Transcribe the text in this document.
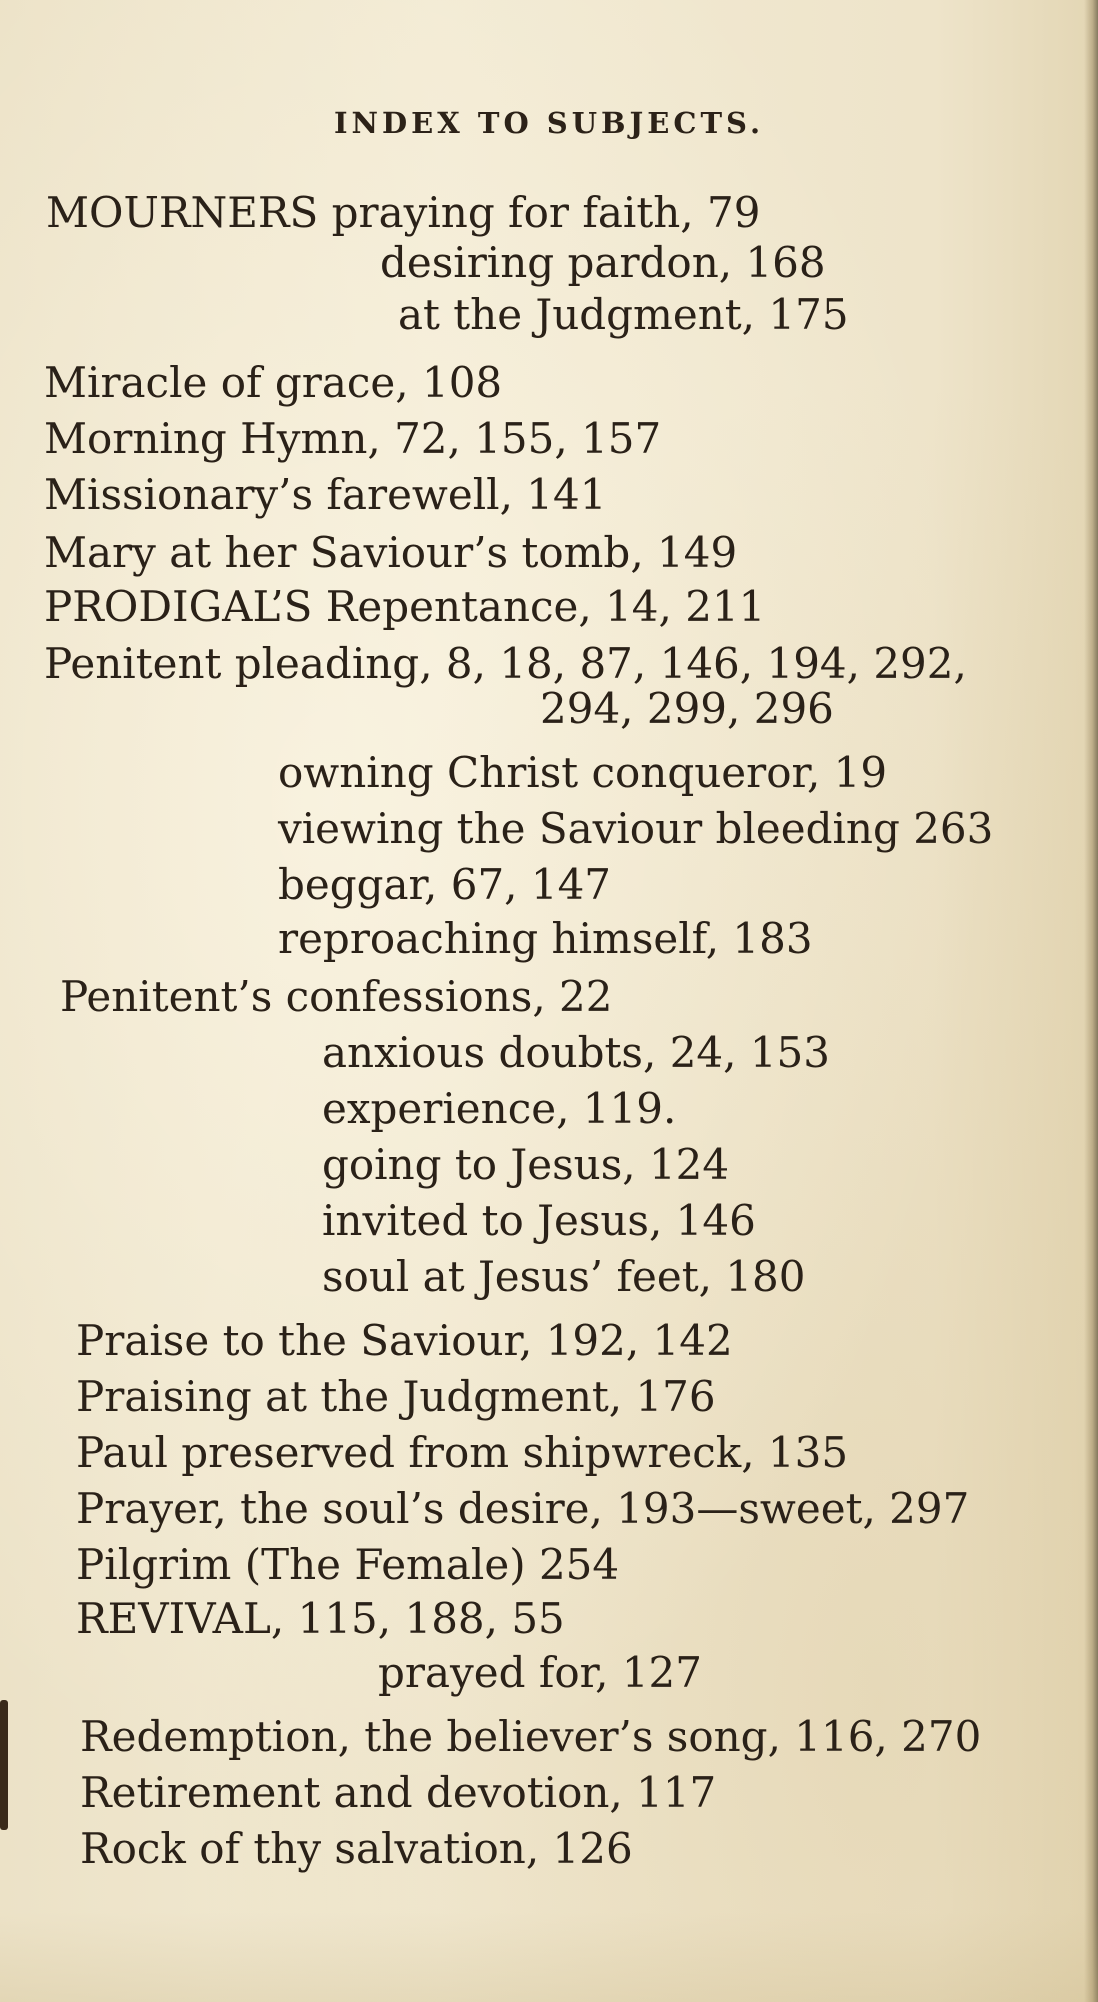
INDEX TO SUBJECTS.
MOURNERS praying for faith, 79
desiring pardon, 168
at the Judgment, 175
Miracle of grace, 108
Morning Hymn, 72, 155, 157
Missionary’s farewell, 141
Mary at her Saviour’s tomb, 149
PRODIGAL’S Repentance, 14, 211
Penitent pleading, 8, 18, 87, 146, 194, 292,
294, 299, 296
owning Christ conqueror, 19
viewing the Saviour bleeding 263
beggar, 67, 147
reproaching himself, 183
Penitent’s confessions, 22
anxious doubts, 24, 153
experience, 119.
going to Jesus, 124
invited to Jesus, 146
soul at Jesus’ feet, 180
Praise to the Saviour, 192, 142
Praising at the Judgment, 176
Paul preserved from shipwreck, 135
Prayer, the soul’s desire, 193—sweet, 297
Pilgrim (The Female) 254
REVIVAL, 115, 188, 55
prayed for, 127
Redemption, the believer’s song, 116, 270
Retirement and devotion, 117
Rock of thy salvation, 126
